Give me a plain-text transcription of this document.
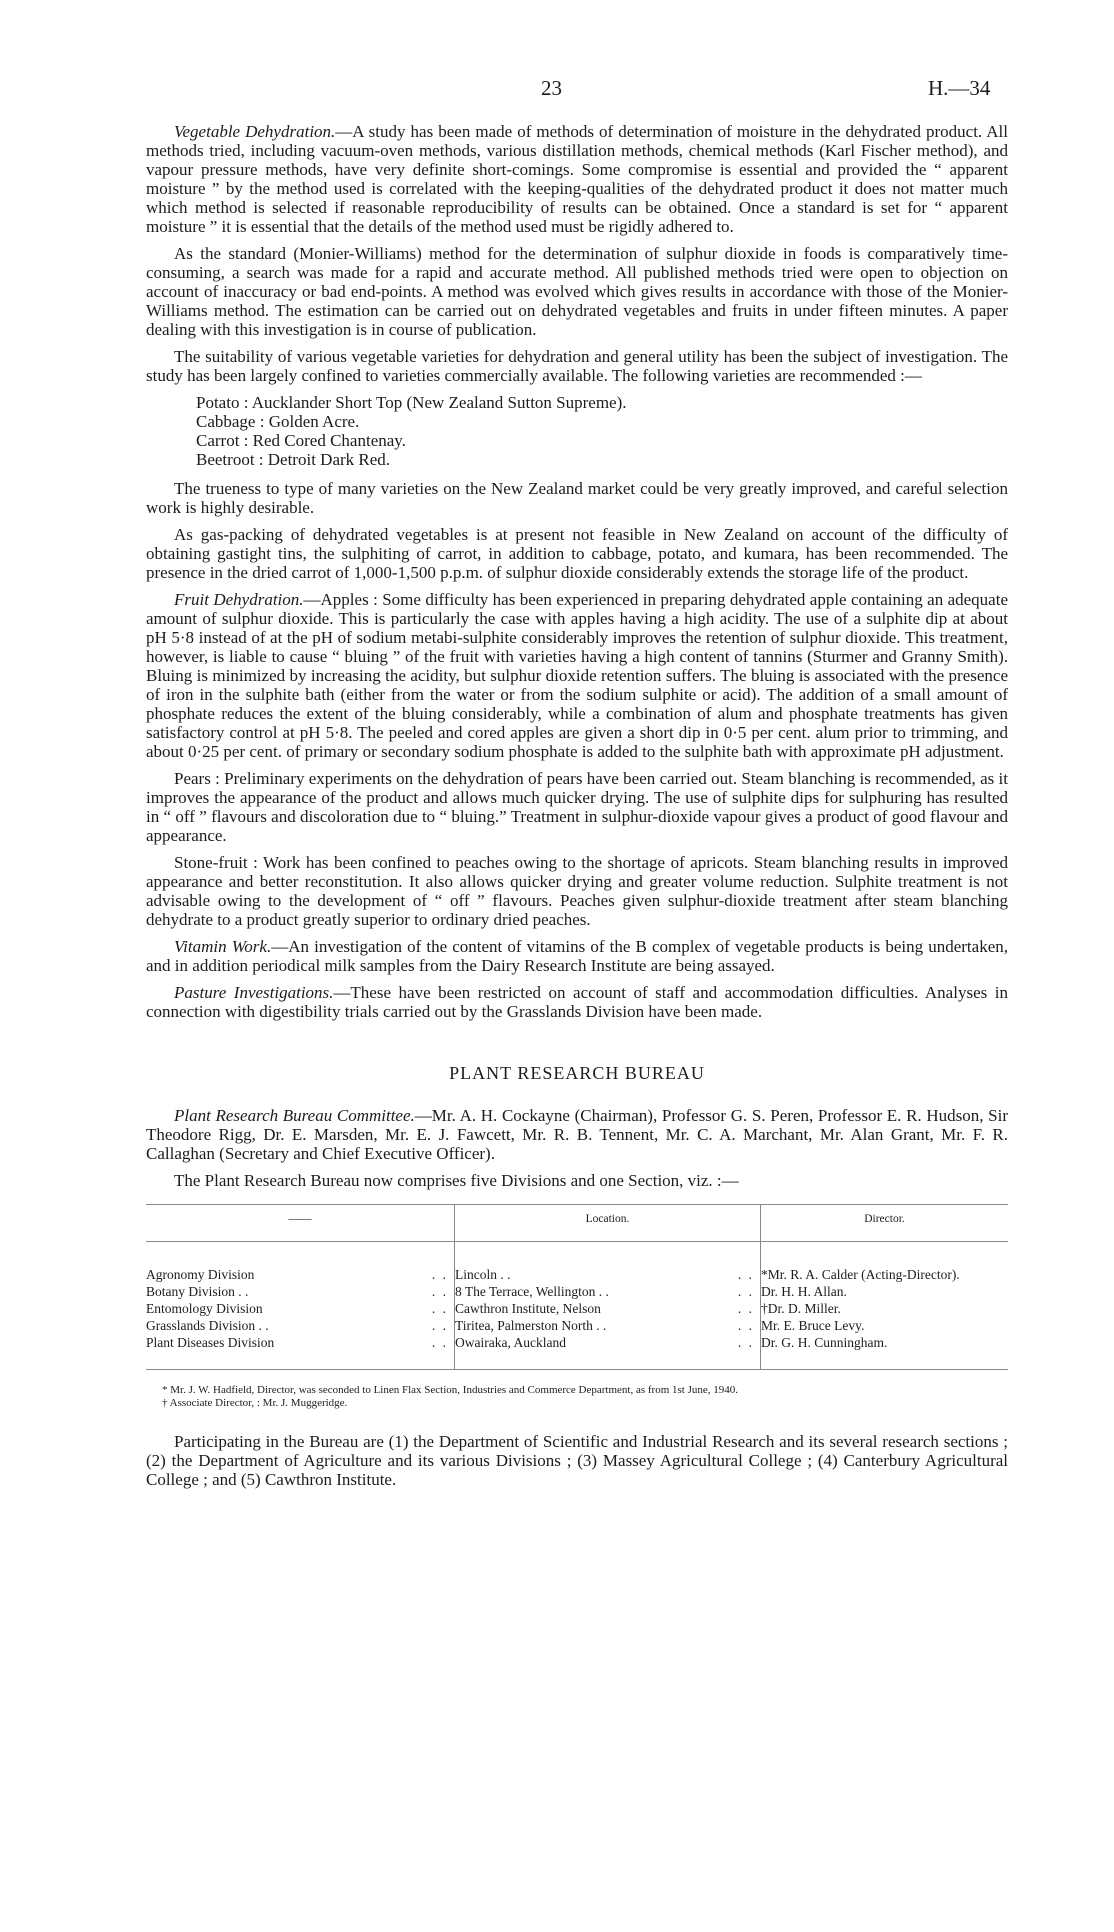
23	H.—34

Vegetable Dehydration.—A study has been made of methods of determination of moisture in the dehydrated product. All methods tried, including vacuum-oven methods, various distillation methods, chemical methods (Karl Fischer method), and vapour pressure methods, have very definite short-comings. Some compromise is essential and provided the “ apparent moisture ” by the method used is correlated with the keeping-qualities of the dehydrated product it does not matter much which method is selected if reasonable reproducibility of results can be obtained. Once a standard is set for “ apparent moisture ” it is essential that the details of the method used must be rigidly adhered to.

As the standard (Monier-Williams) method for the determination of sulphur dioxide in foods is comparatively time-consuming, a search was made for a rapid and accurate method. All published methods tried were open to objection on account of inaccuracy or bad end-points. A method was evolved which gives results in accordance with those of the Monier-Williams method. The estimation can be carried out on dehydrated vegetables and fruits in under fifteen minutes. A paper dealing with this investigation is in course of publication.

The suitability of various vegetable varieties for dehydration and general utility has been the subject of investigation. The study has been largely confined to varieties commercially available. The following varieties are recommended :—

Potato : Aucklander Short Top (New Zealand Sutton Supreme).
Cabbage : Golden Acre.
Carrot : Red Cored Chantenay.
Beetroot : Detroit Dark Red.

The trueness to type of many varieties on the New Zealand market could be very greatly improved, and careful selection work is highly desirable.

As gas-packing of dehydrated vegetables is at present not feasible in New Zealand on account of the difficulty of obtaining gastight tins, the sulphiting of carrot, in addition to cabbage, potato, and kumara, has been recommended. The presence in the dried carrot of 1,000-1,500 p.p.m. of sulphur dioxide considerably extends the storage life of the product.

Fruit Dehydration.—Apples : Some difficulty has been experienced in preparing dehydrated apple containing an adequate amount of sulphur dioxide. This is particularly the case with apples having a high acidity. The use of a sulphite dip at about pH 5·8 instead of at the pH of sodium metabi-sulphite considerably improves the retention of sulphur dioxide. This treatment, however, is liable to cause “ bluing ” of the fruit with varieties having a high content of tannins (Sturmer and Granny Smith). Bluing is minimized by increasing the acidity, but sulphur dioxide retention suffers. The bluing is associated with the presence of iron in the sulphite bath (either from the water or from the sodium sulphite or acid). The addition of a small amount of phosphate reduces the extent of the bluing considerably, while a combination of alum and phosphate treatments has given satisfactory control at pH 5·8. The peeled and cored apples are given a short dip in 0·5 per cent. alum prior to trimming, and about 0·25 per cent. of primary or secondary sodium phosphate is added to the sulphite bath with approximate pH adjustment.

Pears : Preliminary experiments on the dehydration of pears have been carried out. Steam blanching is recommended, as it improves the appearance of the product and allows much quicker drying. The use of sulphite dips for sulphuring has resulted in “ off ” flavours and discoloration due to “ bluing.” Treatment in sulphur-dioxide vapour gives a product of good flavour and appearance.

Stone-fruit : Work has been confined to peaches owing to the shortage of apricots. Steam blanching results in improved appearance and better reconstitution. It also allows quicker drying and greater volume reduction. Sulphite treatment is not advisable owing to the development of “ off ” flavours. Peaches given sulphur-dioxide treatment after steam blanching dehydrate to a product greatly superior to ordinary dried peaches.

Vitamin Work.—An investigation of the content of vitamins of the B complex of vegetable products is being undertaken, and in addition periodical milk samples from the Dairy Research Institute are being assayed.

Pasture Investigations.—These have been restricted on account of staff and accommodation difficulties. Analyses in connection with digestibility trials carried out by the Grasslands Division have been made.

PLANT RESEARCH BUREAU

Plant Research Bureau Committee.—Mr. A. H. Cockayne (Chairman), Professor G. S. Peren, Professor E. R. Hudson, Sir Theodore Rigg, Dr. E. Marsden, Mr. E. J. Fawcett, Mr. R. B. Tennent, Mr. C. A. Marchant, Mr. Alan Grant, Mr. F. R. Callaghan (Secretary and Chief Executive Officer).

The Plant Research Bureau now comprises five Divisions and one Section, viz. :—

——	Location.	Director.

Agronomy Division . .	Lincoln . . . .	*Mr. R. A. Calder (Acting-Director).

Botany Division . . . .	8 The Terrace, Wellington . . . .	Dr. H. H. Allan.

Entomology Division . .	Cawthron Institute, Nelson . .	†Dr. D. Miller.

Grasslands Division . . . .	Tiritea, Palmerston North . . . .	Mr. E. Bruce Levy.

Plant Diseases Division . .	Owairaka, Auckland . .	Dr. G. H. Cunningham.
* Mr. J. W. Hadfield, Director, was seconded to Linen Flax Section, Industries and Commerce Department, as from 1st June, 1940.
† Associate Director, : Mr. J. Muggeridge.

Participating in the Bureau are (1) the Department of Scientific and Industrial Research and its several research sections ; (2) the Department of Agriculture and its various Divisions ; (3) Massey Agricultural College ; (4) Canterbury Agricultural College ; and (5) Cawthron Institute.
